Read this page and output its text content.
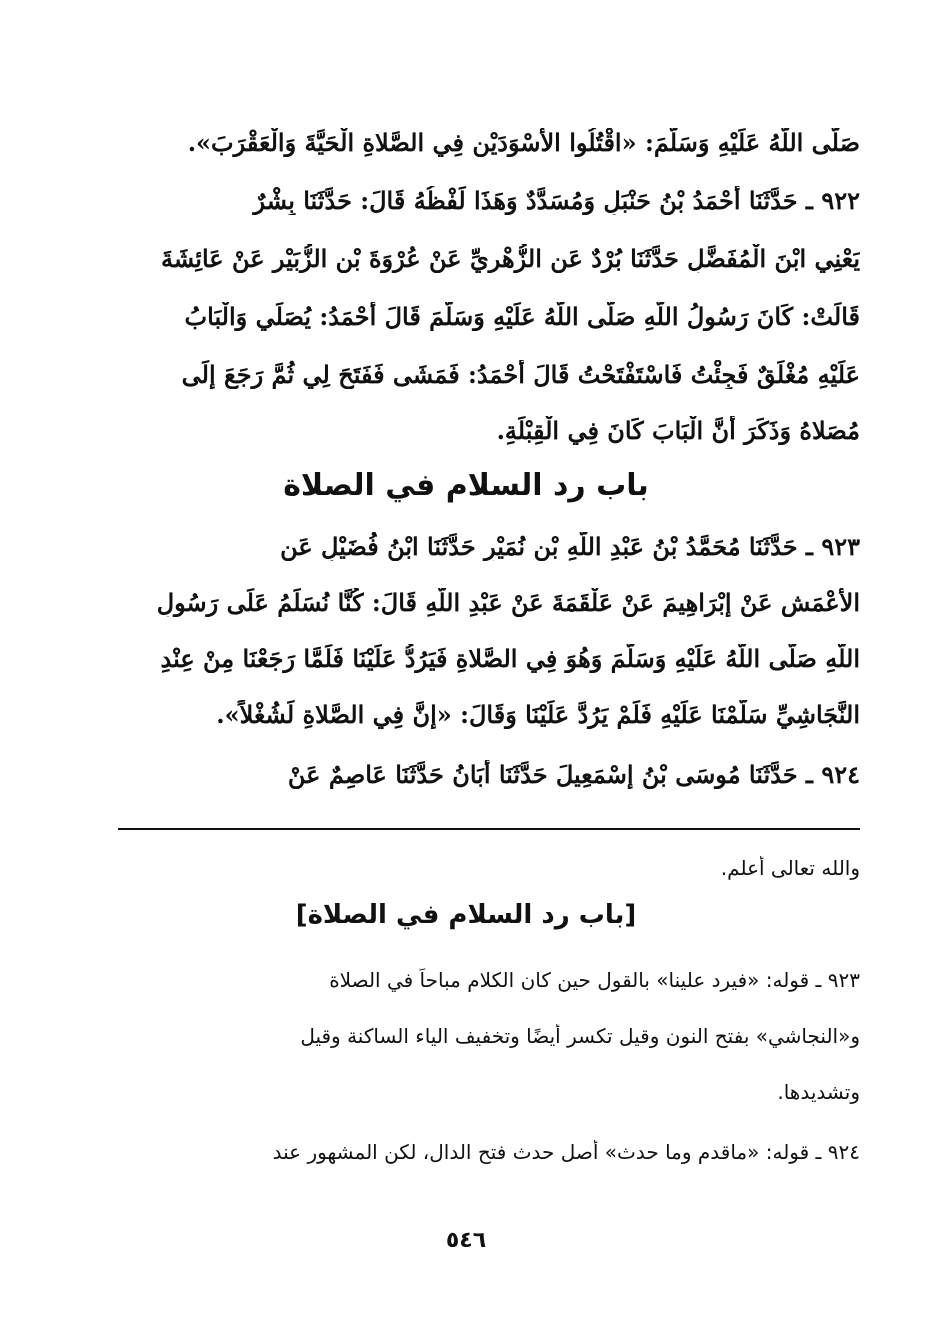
صَلَّى اللَّهُ عَلَيْهِ وَسَلَّمَ: «اقْتُلُوا الأَسْوَدَيْنِ فِي الصَّلاةِ الْحَيَّةَ وَالْعَقْرَبَ».
٩٢٢ ـ حَدَّثَنَا أَحْمَدُ بْنُ حَنْبَلٍ وَمُسَدَّدٌ وَهَذَا لَفْظُهُ قَالَ: حَدَّثَنَا بِشْرٌ
يَعْنِي ابْنَ الْمُفَضَّلِ حَدَّثَنَا بُرْدٌ عَنِ الزُّهْرِيِّ عَنْ عُرْوَةَ بْنِ الزُّبَيْرِ عَنْ عَائِشَةَ
قَالَتْ: كَانَ رَسُولُ اللَّهِ صَلَّى اللَّهُ عَلَيْهِ وَسَلَّمَ قَالَ أَحْمَدُ: يُصَلِّي وَالْبَابُ
عَلَيْهِ مُغْلَقٌ فَجِئْتُ فَاسْتَفْتَحْتُ قَالَ أَحْمَدُ: فَمَشَى فَفَتَحَ لِي ثُمَّ رَجَعَ إِلَى
مُصَلاهُ وَذَكَرَ أَنَّ الْبَابَ كَانَ فِي الْقِبْلَةِ.
باب رد السلام في الصلاة
٩٢٣ ـ حَدَّثَنَا مُحَمَّدُ بْنُ عَبْدِ اللَّهِ بْنِ نُمَيْرٍ حَدَّثَنَا ابْنُ فُضَيْلٍ عَنِ
الأَعْمَشِ عَنْ إِبْرَاهِيمَ عَنْ عَلْقَمَةَ عَنْ عَبْدِ اللَّهِ قَالَ: كُنَّا نُسَلِّمُ عَلَى رَسُولِ
اللَّهِ صَلَّى اللَّهُ عَلَيْهِ وَسَلَّمَ وَهُوَ فِي الصَّلاةِ فَيَرُدُّ عَلَيْنَا فَلَمَّا رَجَعْنَا مِنْ عِنْدِ
النَّجَاشِيِّ سَلَّمْنَا عَلَيْهِ فَلَمْ يَرُدَّ عَلَيْنَا وَقَالَ: «إِنَّ فِي الصَّلاةِ لَشُغْلاً».
٩٢٤ ـ حَدَّثَنَا مُوسَى بْنُ إِسْمَعِيلَ حَدَّثَنَا أَبَانُ حَدَّثَنَا عَاصِمٌ عَنْ
والله تعالى أعلم.
[باب رد السلام في الصلاة]
٩٢٣ ـ قوله: «فيرد علينا» بالقول حين كان الكلام مباحاً في الصلاة
و«النجاشي» بفتح النون وقيل تكسر أيضًا وتخفيف الياء الساكنة وقيل
وتشديدها.
٩٢٤ ـ قوله: «ماقدم وما حدث» أصل حدث فتح الدال، لكن المشهور عند
٥٤٦
